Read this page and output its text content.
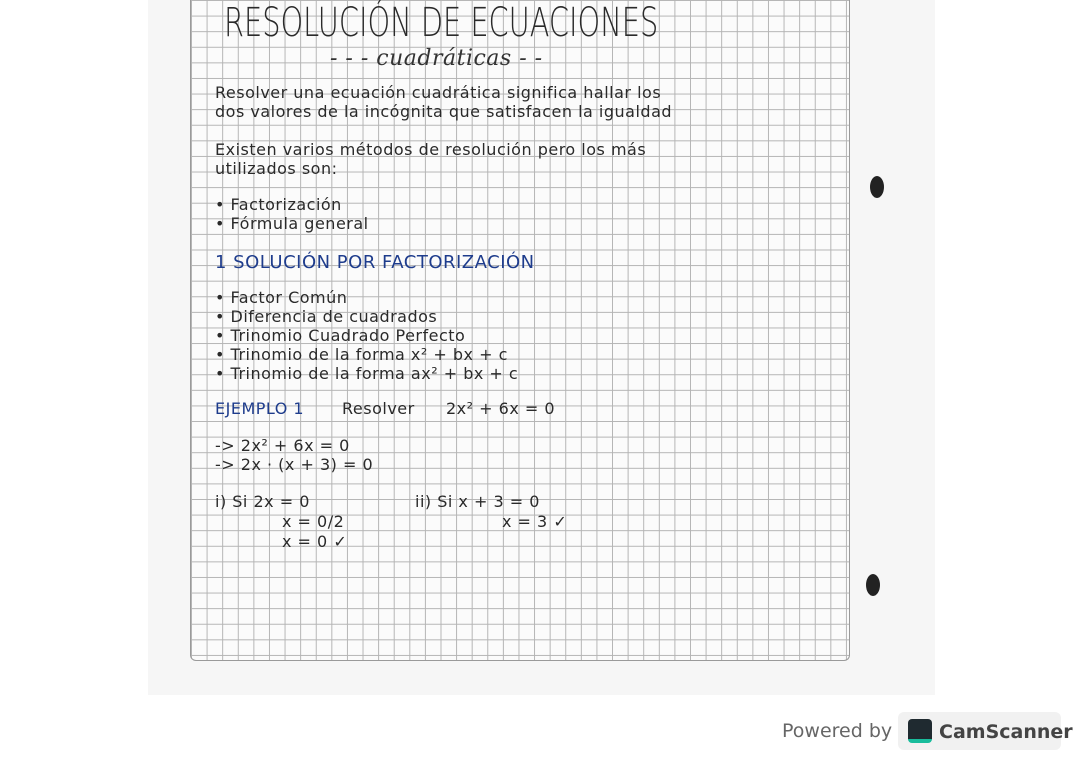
RESOLUCIÓN DE ECUACIONES
- - - cuadráticas - -
Resolver una ecuación cuadrática significa hallar los
dos valores de la incógnita que satisfacen la igualdad
Existen varios métodos de resolución pero los más
utilizados son:
• Factorización
• Fórmula general
1 SOLUCIÓN POR FACTORIZACIÓN
• Factor Común
• Diferencia de cuadrados
• Trinomio Cuadrado Perfecto
• Trinomio de la forma x² + bx + c
• Trinomio de la forma ax² + bx + c
EJEMPLO 1 Resolver 2x² + 6x = 0
-> 2x² + 6x = 0
-> 2x · (x + 3) = 0
i) Si 2x = 0
x = 0/2
x = 0 ✓
ii) Si x + 3 = 0
x = 3 ✓
Powered by CamScanner
